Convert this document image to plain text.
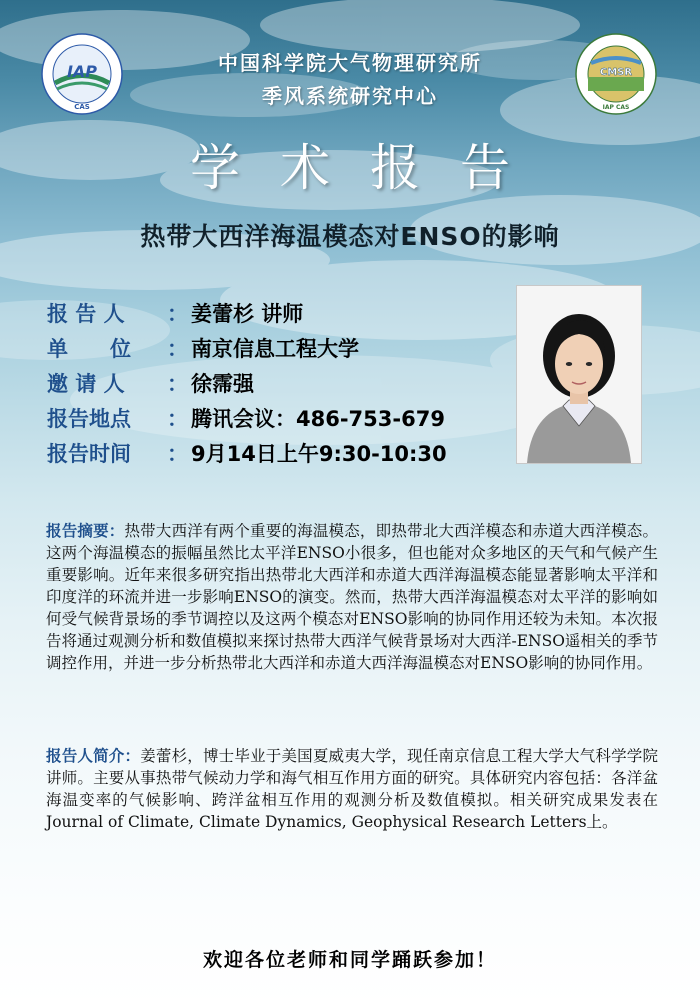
IAP
CAS
CMSR
IAP CAS
中国科学院大气物理研究所
季风系统研究中心
学术报告
热带大西洋海温模态对ENSO的影响
报 告 人	： 姜蕾杉 讲师
单　　位	： 南京信息工程大学
邀 请 人	： 徐霈强
报告地点	： 腾讯会议：486-753-679
报告时间	： 9月14日上午9:30-10:30
报告摘要：热带大西洋有两个重要的海温模态，即热带北大西洋模态和赤道大西洋模态。这两个海温模态的振幅虽然比太平洋ENSO小很多，但也能对众多地区的天气和气候产生重要影响。近年来很多研究指出热带北大西洋和赤道大西洋海温模态能显著影响太平洋和印度洋的环流并进一步影响ENSO的演变。然而，热带大西洋海温模态对太平洋的影响如何受气候背景场的季节调控以及这两个模态对ENSO影响的协同作用还较为未知。本次报告将通过观测分析和数值模拟来探讨热带大西洋气候背景场对大西洋-ENSO遥相关的季节调控作用，并进一步分析热带北大西洋和赤道大西洋海温模态对ENSO影响的协同作用。
报告人简介：姜蕾杉，博士毕业于美国夏威夷大学，现任南京信息工程大学大气科学学院讲师。主要从事热带气候动力学和海气相互作用方面的研究。具体研究内容包括：各洋盆海温变率的气候影响、跨洋盆相互作用的观测分析及数值模拟。相关研究成果发表在Journal of Climate, Climate Dynamics, Geophysical Research Letters上。
欢迎各位老师和同学踊跃参加！
